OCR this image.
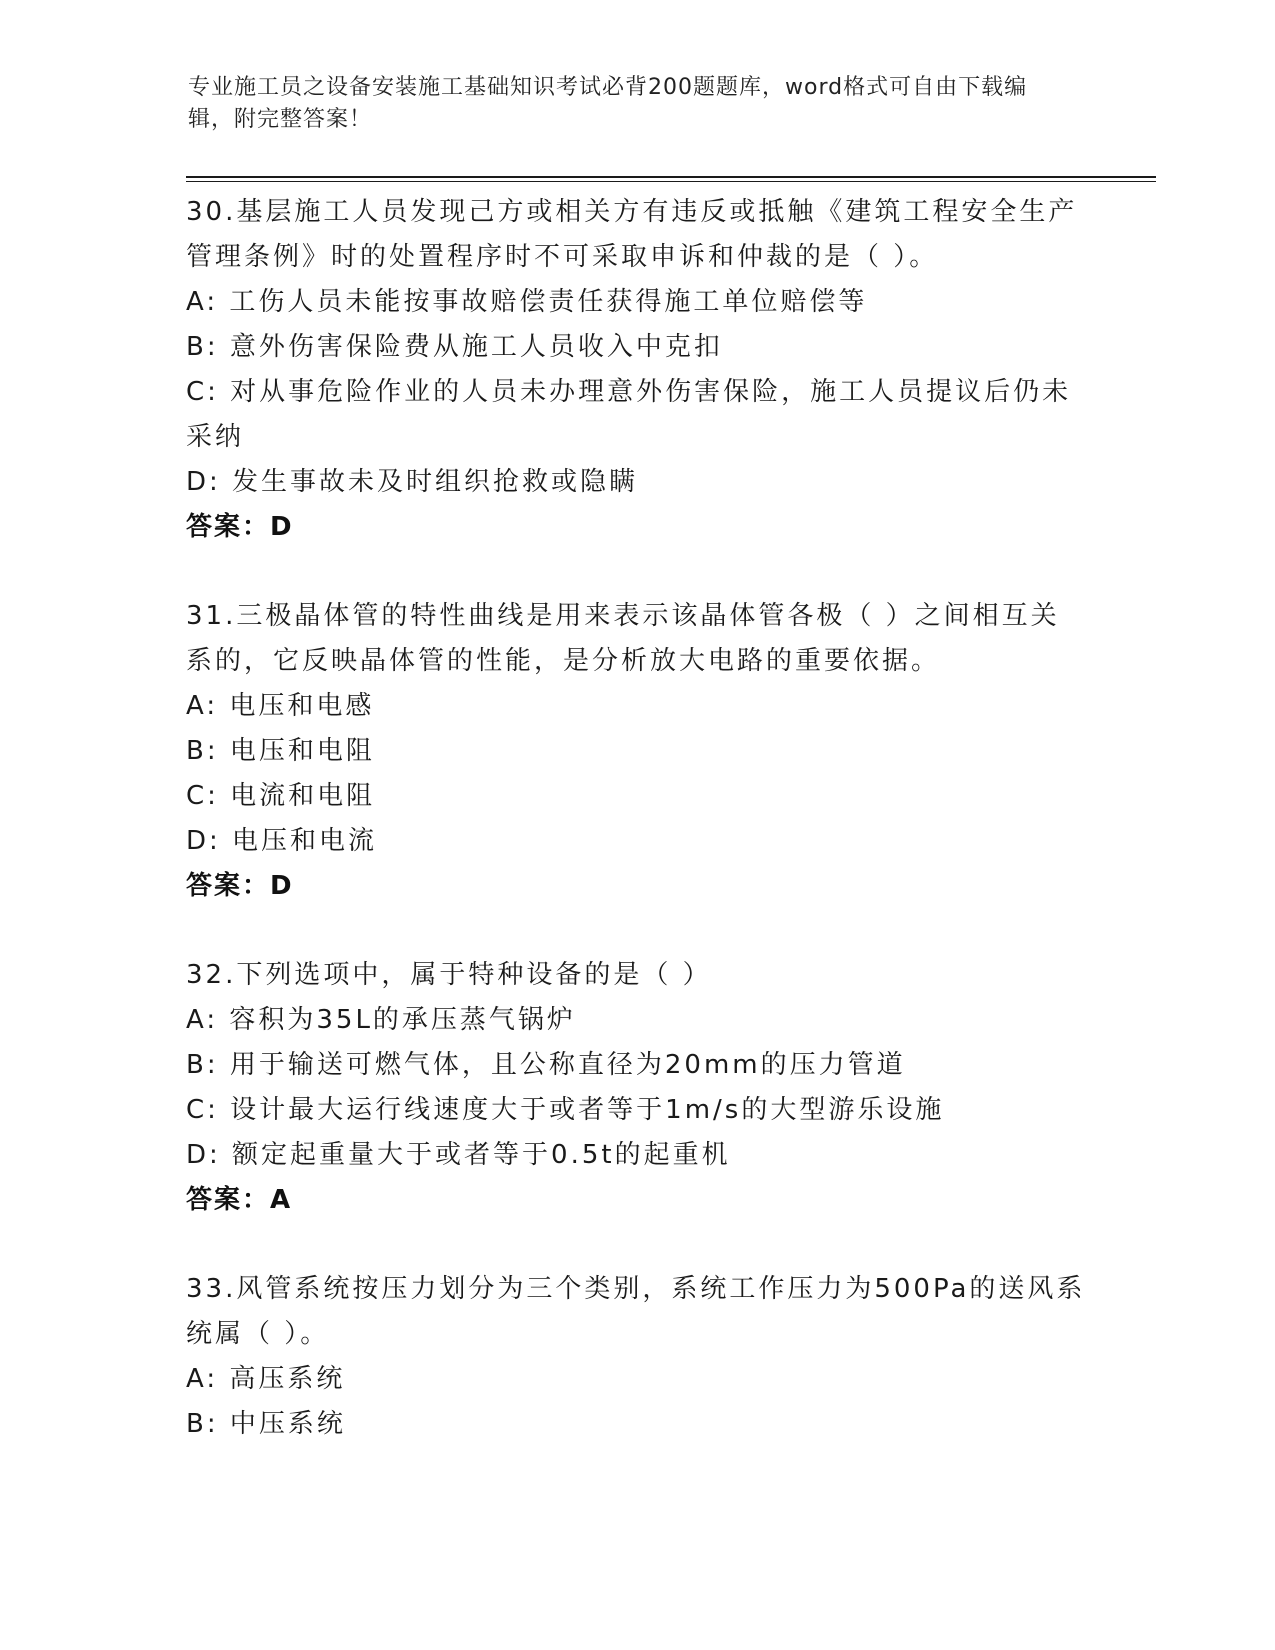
专业施工员之设备安装施工基础知识考试必背200题题库，word格式可自由下载编辑，附完整答案！

30.基层施工人员发现己方或相关方有违反或抵触《建筑工程安全生产管理条例》时的处置程序时不可采取申诉和仲裁的是（ ）。

A: 工伤人员未能按事故赔偿责任获得施工单位赔偿等

B: 意外伤害保险费从施工人员收入中克扣

C: 对从事危险作业的人员未办理意外伤害保险，施工人员提议后仍未采纳

D: 发生事故未及时组织抢救或隐瞒

答案：D

31.三极晶体管的特性曲线是用来表示该晶体管各极（ ）之间相互关系的，它反映晶体管的性能，是分析放大电路的重要依据。

A: 电压和电感

B: 电压和电阻

C: 电流和电阻

D: 电压和电流

答案：D

32.下列选项中，属于特种设备的是（ ）

A: 容积为35L的承压蒸气锅炉

B: 用于输送可燃气体，且公称直径为20mm的压力管道

C: 设计最大运行线速度大于或者等于1m/s的大型游乐设施

D: 额定起重量大于或者等于0.5t的起重机

答案：A

33.风管系统按压力划分为三个类别，系统工作压力为500Pa的送风系统属（ ）。

A: 高压系统

B: 中压系统
